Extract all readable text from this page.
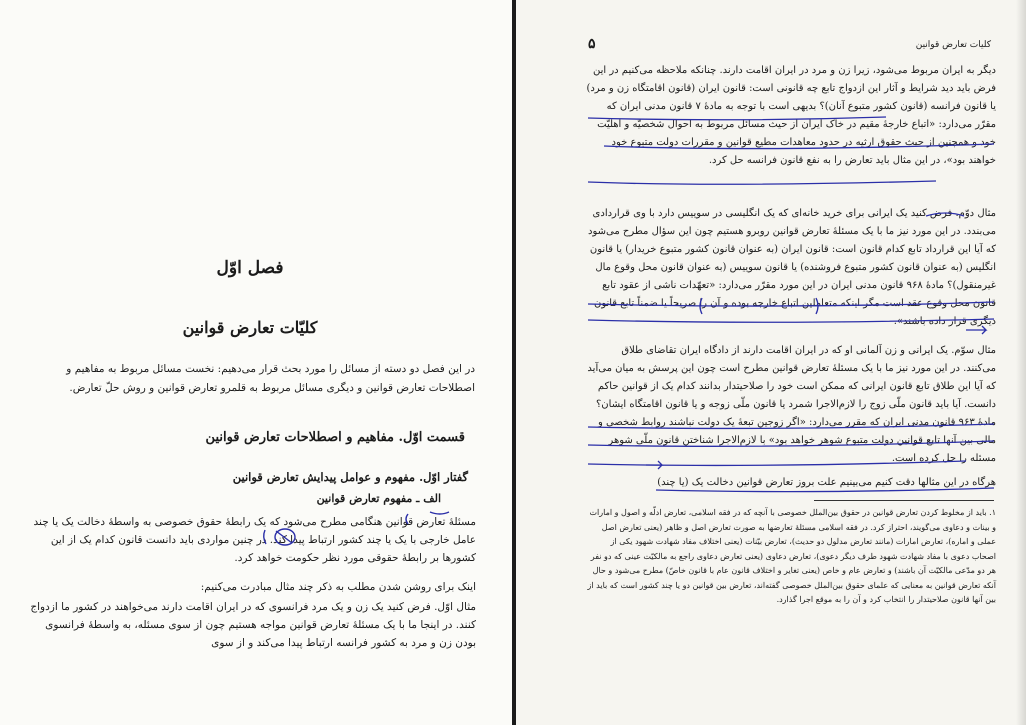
فصل اوّل
کلیّات تعارض قوانین
در این فصل دو دسته از مسائل را مورد بحث قرار می‌دهیم: نخست مسائل مربوط به مفاهیم و اصطلاحات تعارض قوانین و دیگری مسائل مربوط به قلمرو تعارض قوانین و روش حلّ تعارض.
قسمت اوّل. مفاهیم و اصطلاحات تعارض قوانین
گفتار اوّل. مفهوم و عوامل پیدایش تعارض قوانین
الف ـ مفهوم تعارض قوانین
مسئلهٔ تعارض قوانین هنگامی مطرح می‌شود که یک رابطهٔ حقوق خصوصی به واسطهٔ دخالت یک یا چند عامل خارجی با یک یا چند کشور ارتباط پیدا کند. در چنین مواردی باید دانست قانون کدام یک از این کشورها بر رابطهٔ حقوقی مورد نظر حکومت خواهد کرد.
اینک برای روشن شدن مطلب به ذکر چند مثال مبادرت می‌کنیم:
مثال اوّل. فرض کنید یک زن و یک مرد فرانسوی که در ایران اقامت دارند می‌خواهند در کشور ما ازدواج کنند. در اینجا ما با یک مسئلهٔ تعارض قوانین مواجه هستیم چون از سوی مسئله، به واسطهٔ فرانسوی بودن زن و مرد به کشور فرانسه ارتباط پیدا می‌کند و از سوی
کلیات تعارض قوانین
۵
دیگر به ایران مربوط می‌شود، زیرا زن و مرد در ایران اقامت دارند. چنانکه ملاحظه می‌کنیم در این فرض باید دید شرایط و آثار این ازدواج تابع چه قانونی است: قانون ایران (قانون اقامتگاه زن و مرد) یا قانون فرانسه (قانون کشور متبوع آنان)؟ بدیهی است با توجه به مادهٔ ۷ قانون مدنی ایران که مقرّر می‌دارد: «اتباع خارجهٔ مقیم در خاک ایران از حیث مسائل مربوط به احوال شخصیّه و اهلیّت خود و همچنین از حیث حقوق ارثیه در حدود معاهدات مطیع قوانین و مقررات دولت متبوع خود خواهند بود»، در این مثال باید تعارض را به نفع قانون فرانسه حل کرد.
مثال دوّم. فرض کنید یک ایرانی برای خرید خانه‌ای که یک انگلیسی در سوییس دارد با وی قراردادی می‌بندد. در این مورد نیز ما با یک مسئلهٔ تعارض قوانین روبرو هستیم چون این سؤال مطرح می‌شود که آیا این قرارداد تابع کدام قانون است: قانون ایران (به عنوان قانون کشور متبوع خریدار) یا قانون انگلیس (به عنوان قانون کشور متبوع فروشنده) یا قانون سوییس (به عنوان قانون محل وقوع مال غیرمنقول)؟ مادهٔ ۹۶۸ قانون مدنی ایران در این مورد مقرّر می‌دارد: «تعهّدات ناشی از عقود تابع قانون محل وقوع عقد است مگر اینکه متعاملین اتباع خارجه بوده و آن را صریحاً یا ضمناً تابع قانون دیگری قرار داده باشند».
مثال سوّم. یک ایرانی و زن آلمانی او که در ایران اقامت دارند از دادگاه ایران تقاضای طلاق می‌کنند. در این مورد نیز ما با یک مسئلهٔ تعارض قوانین مطرح است چون این پرسش به میان می‌آید که آیا این طلاق تابع قانون ایرانی که ممکن است خود را صلاحیتدار بدانند کدام یک از قوانین حاکم دانست. آیا باید قانون ملّی زوج را لازم‌الاجرا شمرد یا قانون ملّی زوجه و یا قانون اقامتگاه ایشان؟ مادهٔ ۹۶۳ قانون مدنی ایران که مقرر می‌دارد: «اگر زوجین تبعهٔ یک دولت نباشند روابط شخصی و مالی بین آنها تابع قوانین دولت متبوع شوهر خواهد بود» با لازم‌الاجرا شناختن قانون ملّی شوهر مسئله را حل کرده است.
هرگاه در این مثالها دقت کنیم می‌بینیم علت بروز تعارض قوانین دخالت یک (یا چند)
۱. باید از مخلوط کردن تعارض قوانین در حقوق بین‌الملل خصوصی با آنچه که در فقه اسلامی، تعارض ادلّه و اصول و امارات و بینات و دعاوی می‌گویند، احتراز کرد. در فقه اسلامی مسئلهٔ تعارضها به صورت تعارض اصل و ظاهر (یعنی تعارض اصل عملی و اماره)، تعارض امارات (مانند تعارض مدلول دو حدیث)، تعارض بیّنات (یعنی اختلاف مفاد شهادت شهود یکی از اصحاب دعوی با مفاد شهادت شهود طرف دیگر دعوی)، تعارض دعاوی (یعنی تعارض دعاوی راجع به مالکیّت عینی که دو نفر هر دو مدّعی مالکیّت آن باشند) و تعارض عام و خاص (یعنی تغایر و اختلاف قانون عام با قانون خاصّ) مطرح می‌شود و حال آنکه تعارض قوانین به معنایی که علمای حقوق بین‌الملل خصوصی گفته‌اند، تعارض بین قوانین دو یا چند کشور است که باید از بین آنها قانون صلاحیتدار را انتخاب کرد و آن را به موقع اجرا گذارد.
